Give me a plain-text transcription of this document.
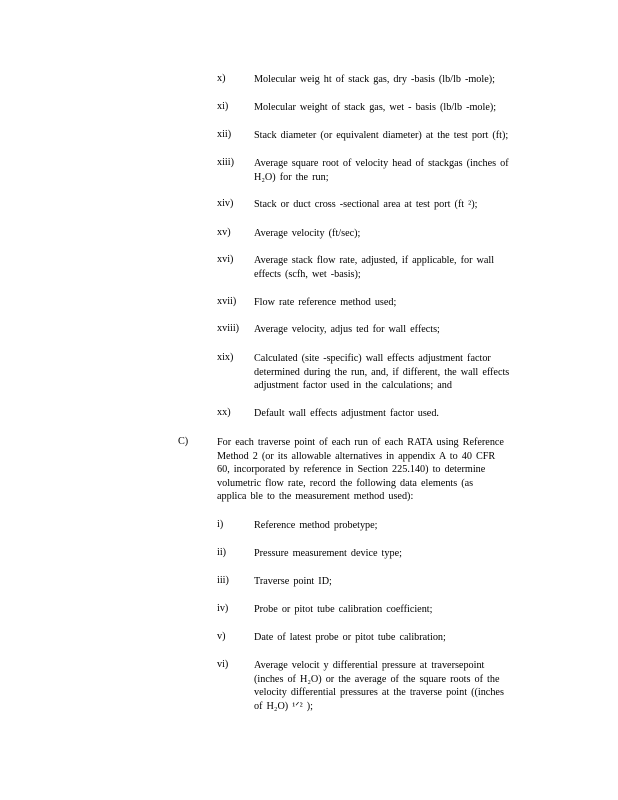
x)	Molecular weig ht of stack gas, dry -basis (lb/lb -mole);
xi)	Molecular weight of stack gas, wet - basis (lb/lb -mole);
xii) Stack diameter (or equivalent diameter) at the test port (ft);
xiii) Average square root of velocity head of stackgas (inches of
H₂O) for the run;
xiv) Stack or duct cross -sectional area at test port (ft ²);
xv) Average velocity (ft/sec);
xvi) Average stack flow rate, adjusted, if applicable, for wall
effects (scfh, wet -basis);
xvii) Flow rate reference method used;
xviii) Average velocity, adjus ted for wall effects;
xix) Calculated (site -specific) wall effects adjustment factor
determined during the run, and, if different, the wall effects
adjustment factor used in the calculations; and
xx) Default wall effects adjustment factor used.
C)	For each traverse point of each run of each RATA using Reference
Method 2 (or its allowable alternatives in appendix A to 40 CFR
60, incorporated by reference in Section 225.140) to determine
volumetric flow rate, record the following data elements (as
applica ble to the measurement method used):
i)	Reference method probetype;
ii)	Pressure measurement device type;
iii) Traverse point ID;
iv)	Probe or pitot tube calibration coefficient;
v)	Date of latest probe or pitot tube calibration;
vi)	Average velocit y differential pressure at traversepoint
(inches of H₂O) or the average of the square roots of the
velocity differential pressures at the traverse point ((inches
of H₂O) ¹ᐟ² );
